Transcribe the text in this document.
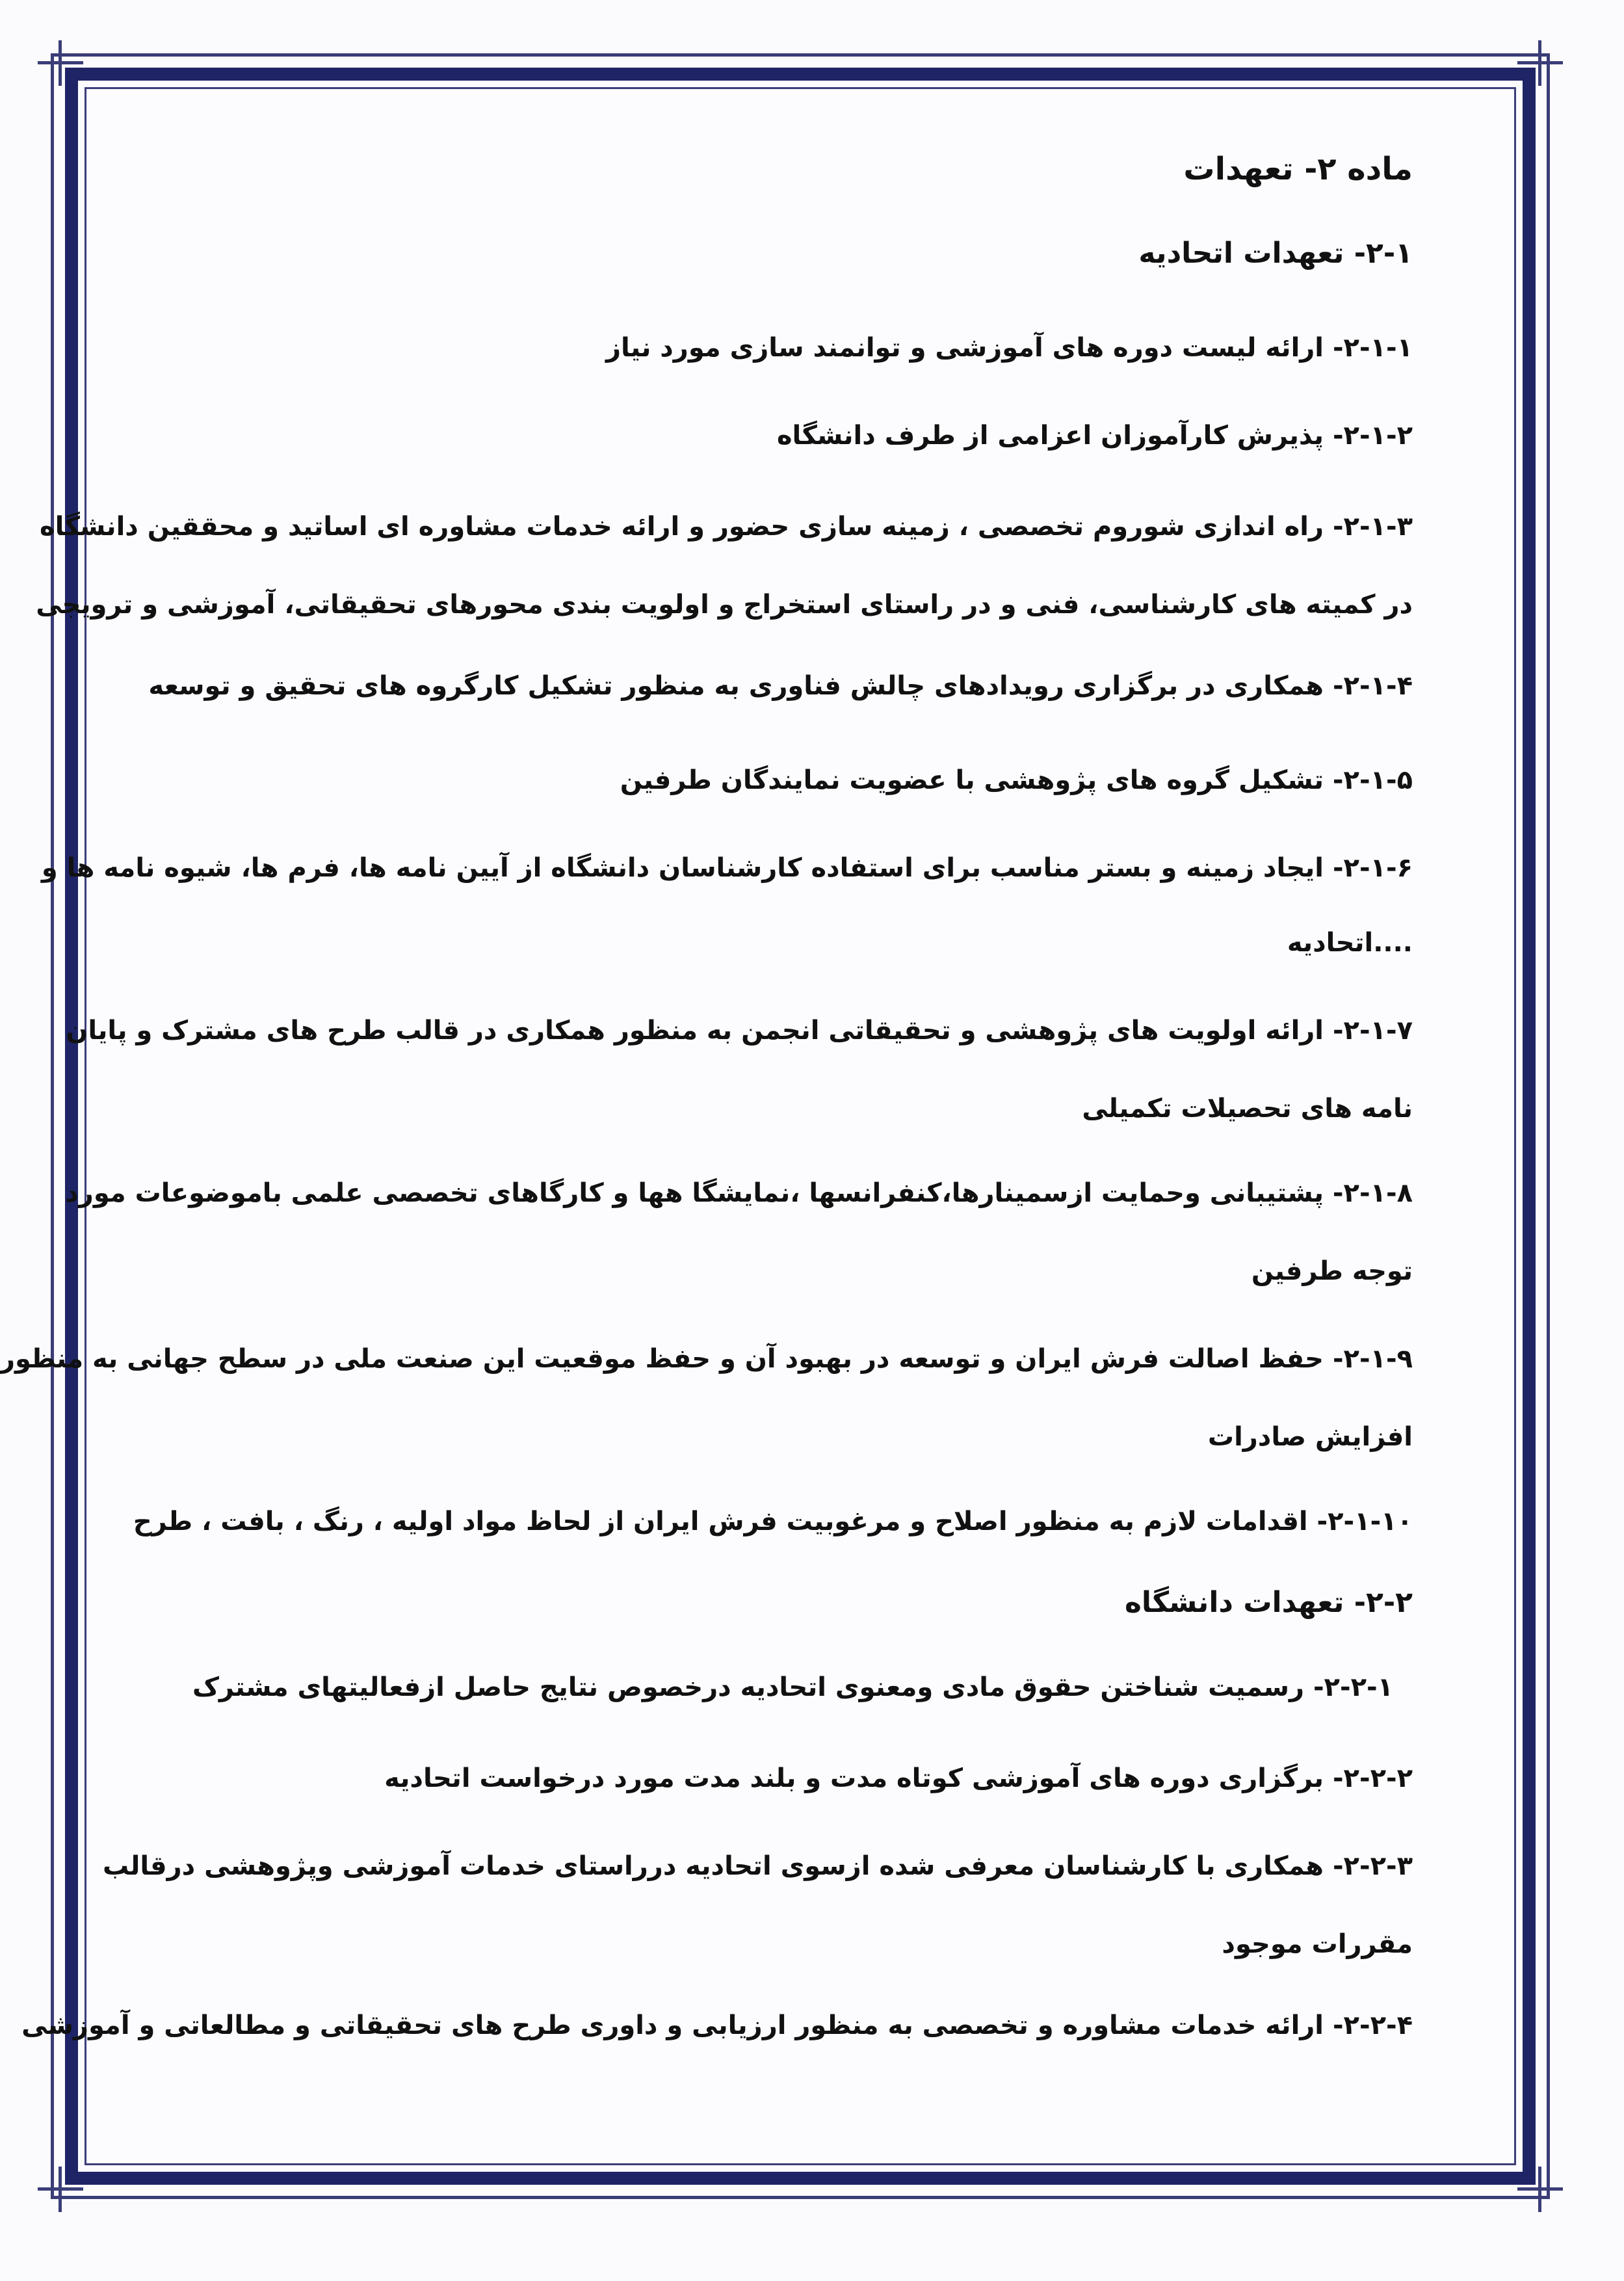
ماده ۲- تعهدات
۲-۱- تعهدات اتحادیه
۲-۱-۱- ارائه لیست دوره های آموزشی و توانمند سازی مورد نیاز
۲-۱-۲- پذیرش کارآموزان اعزامی از طرف دانشگاه
۲-۱-۳- راه اندازی شوروم تخصصی ، زمینه سازی حضور و ارائه خدمات مشاوره ای اساتید و محققین دانشگاه
در کمیته های کارشناسی، فنی و در راستای استخراج و اولویت بندی محورهای تحقیقاتی، آموزشی و ترویجی
۲-۱-۴- همکاری در برگزاری رویدادهای چالش فناوری به منظور تشکیل کارگروه های تحقیق و توسعه
۲-۱-۵- تشکیل گروه های پژوهشی با عضویت نمایندگان طرفین
۲-۱-۶- ایجاد زمینه و بستر مناسب برای استفاده کارشناسان دانشگاه از آیین نامه ها، فرم ها، شیوه نامه ها و
....اتحادیه
۲-۱-۷- ارائه اولویت های پژوهشی و تحقیقاتی انجمن به منظور همکاری در قالب طرح های مشترک و پایان
نامه های تحصیلات تکمیلی
۲-۱-۸- پشتیبانی وحمایت ازسمینارها،کنفرانسها ،نمایشگا هها و کارگاهای تخصصی علمی باموضوعات مورد
توجه طرفین
۲-۱-۹- حفظ اصالت فرش ایران و توسعه در بهبود آن و حفظ موقعیت این صنعت ملی در سطح جهانی به منظور
افزایش صادرات
۲-۱-۱۰- اقدامات لازم به منظور اصلاح و مرغوبیت فرش ایران از لحاظ مواد اولیه ، رنگ ، بافت ، طرح
۲-۲- تعهدات دانشگاه
۲-۲-۱- رسمیت شناختن حقوق مادی ومعنوی اتحادیه درخصوص نتایج حاصل ازفعالیتهای مشترک
۲-۲-۲- برگزاری دوره های آموزشی کوتاه مدت و بلند مدت مورد درخواست اتحادیه
۲-۲-۳- همکاری با کارشناسان معرفی شده ازسوی اتحادیه درراستای خدمات آموزشی وپژوهشی درقالب
مقررات موجود
۲-۲-۴- ارائه خدمات مشاوره و تخصصی به منظور ارزیابی و داوری طرح های تحقیقاتی و مطالعاتی و آموزشی
